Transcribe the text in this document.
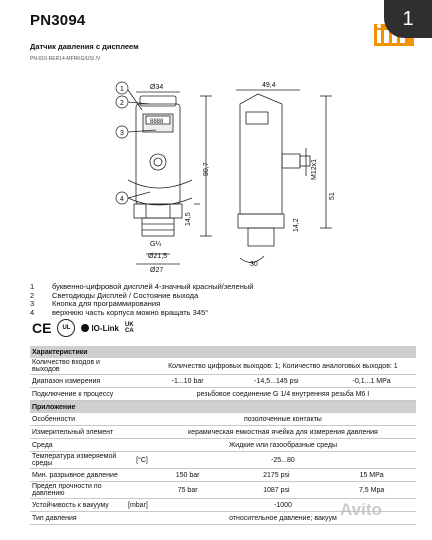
PN3094
Датчик давления с дисплеем
PN-010-RER14-MFRKG/US/ /V
1
Ø34	49,4
90,7
14,5
G¼
Ø21,5
Ø27
M12x1
51
14,2
30
8888
1
2
3
4
1	буквенно-цифровой дисплей 4-значный красный/зеленый
2	Светодиоды Дисплей / Состояние выхода
3	Кнопка для программирования
4	верхнюю часть корпуса можно вращать 345°
CE	UL	IO-Link UK
CA
Характеристики				
Количество входов и выходов		Количество цифровых выходов: 1; Количество аналоговых выходов: 1		
Диапазон измерения		-1...10 bar	-14,5...145 psi	-0,1...1 MPa
Подключение к процессу		резьбовое соединение G 1/4 внутренняя резьба M6 I		
Приложение				
Особенности		позолоченные контакты		
Измерительный элемент		керамическая емкостная ячейка для измерения давления		
Среда		Жидкие или газообразные среды		
Температура измеряемой среды	[°C]	-25...80		
Мин. разрывное давление		150 bar	2175 psi	15 MPa
Предел прочности по давлению		75 bar	1087 psi	7,5 Mpa
Устойчивость к вакууму	[mbar]	-1000		
Тип давления		относительное давление; вакуум		Avito
